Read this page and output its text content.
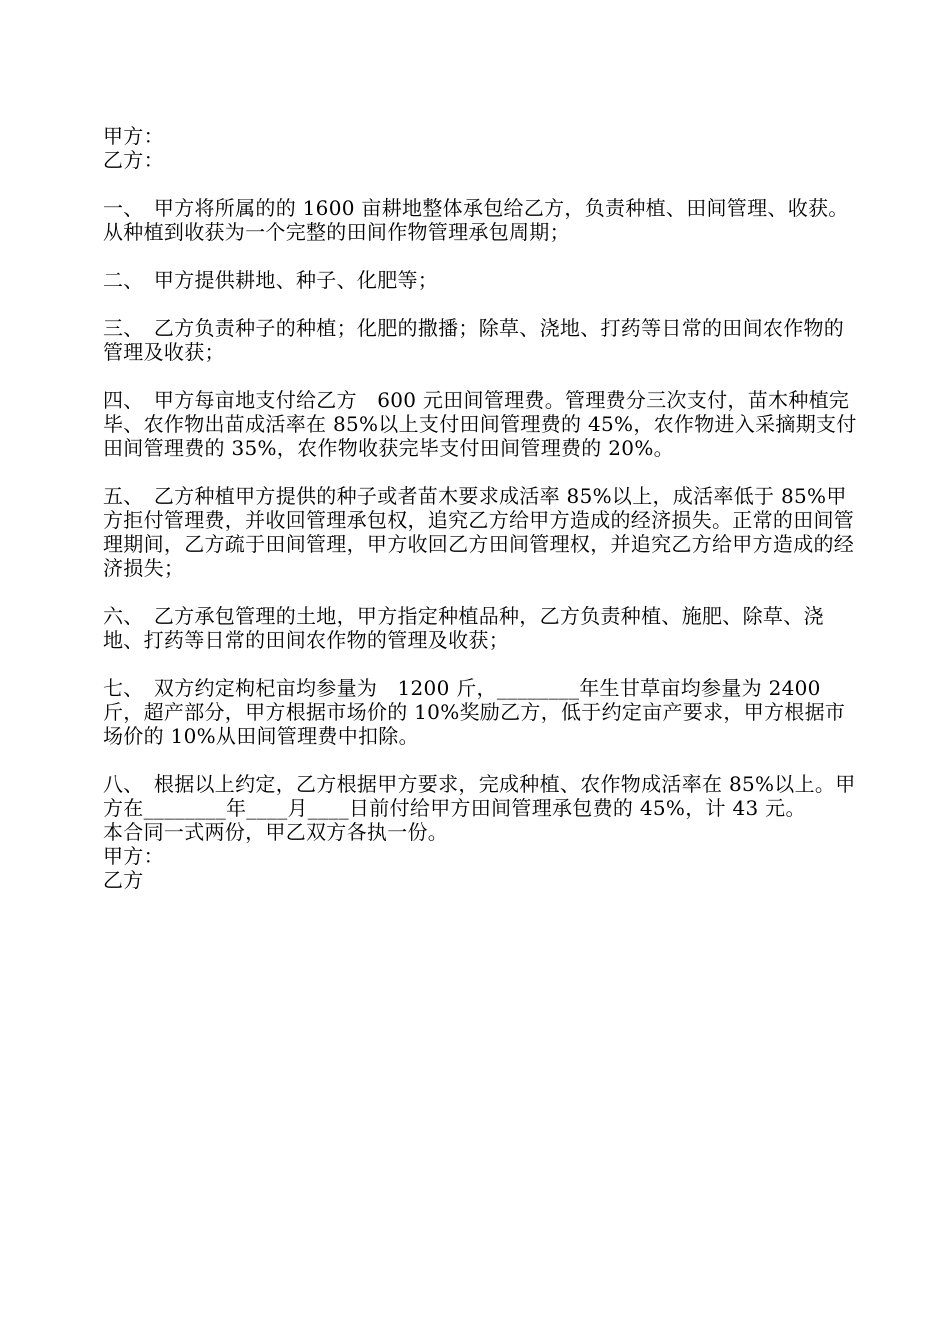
甲方：
乙方：
一、　甲方将所属的的 1600 亩耕地整体承包给乙方，负责种植、田间管理、收获。从种植到收获为一个完整的田间作物管理承包周期；
二、　甲方提供耕地、种子、化肥等；
三、　乙方负责种子的种植；化肥的撒播；除草、浇地、打药等日常的田间农作物的管理及收获；
四、　甲方每亩地支付给乙方　600 元田间管理费。管理费分三次支付，苗木种植完毕、农作物出苗成活率在 85%以上支付田间管理费的 45%，农作物进入采摘期支付田间管理费的 35%，农作物收获完毕支付田间管理费的 20%。
五、　乙方种植甲方提供的种子或者苗木要求成活率 85%以上，成活率低于 85%甲方拒付管理费，并收回管理承包权，追究乙方给甲方造成的经济损失。正常的田间管理期间，乙方疏于田间管理，甲方收回乙方田间管理权，并追究乙方给甲方造成的经济损失；
六、　乙方承包管理的土地，甲方指定种植品种，乙方负责种植、施肥、除草、浇地、打药等日常的田间农作物的管理及收获；
七、　双方约定枸杞亩均参量为　1200 斤，________年生甘草亩均参量为 2400 斤，超产部分，甲方根据市场价的 10%奖励乙方，低于约定亩产要求，甲方根据市场价的 10%从田间管理费中扣除。
八、　根据以上约定，乙方根据甲方要求，完成种植、农作物成活率在 85%以上。甲方在________年____月____日前付给甲方田间管理承包费的 45%，计 43 元。
本合同一式两份，甲乙双方各执一份。
甲方：
乙方
